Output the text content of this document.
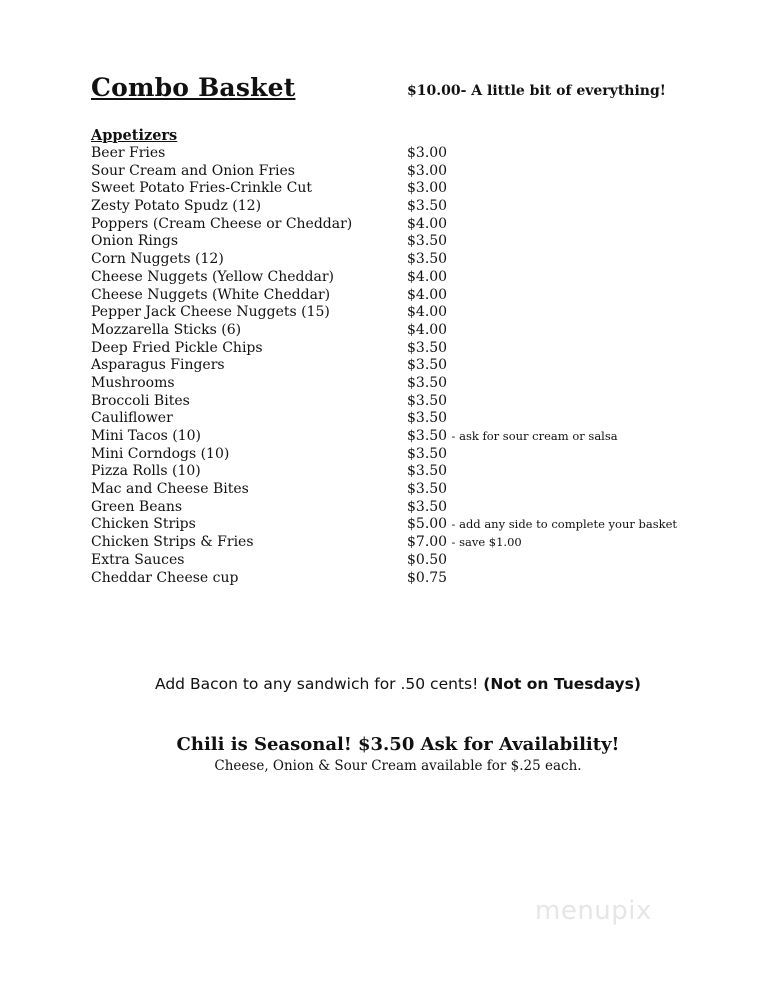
Combo Basket	$10.00- A little bit of everything!
Appetizers
Beer Fries	$3.00
Sour Cream and Onion Fries	$3.00
Sweet Potato Fries-Crinkle Cut	$3.00
Zesty Potato Spudz (12)	$3.50
Poppers (Cream Cheese or Cheddar)	$4.00
Onion Rings	$3.50
Corn Nuggets (12)	$3.50
Cheese Nuggets (Yellow Cheddar)	$4.00
Cheese Nuggets (White Cheddar)	$4.00
Pepper Jack Cheese Nuggets (15)	$4.00
Mozzarella Sticks (6)	$4.00
Deep Fried Pickle Chips	$3.50
Asparagus Fingers	$3.50
Mushrooms	$3.50
Broccoli Bites	$3.50
Cauliflower	$3.50
Mini Tacos (10)	$3.50 - ask for sour cream or salsa
Mini Corndogs (10)	$3.50
Pizza Rolls (10)	$3.50
Mac and Cheese Bites	$3.50
Green Beans	$3.50
Chicken Strips	$5.00 - add any side to complete your basket
Chicken Strips & Fries	$7.00 - save $1.00
Extra Sauces	$0.50
Cheddar Cheese cup	$0.75
Add Bacon to any sandwich for .50 cents! (Not on Tuesdays)
Chili is Seasonal! $3.50 Ask for Availability!
Cheese, Onion & Sour Cream available for $.25 each.
menupix
